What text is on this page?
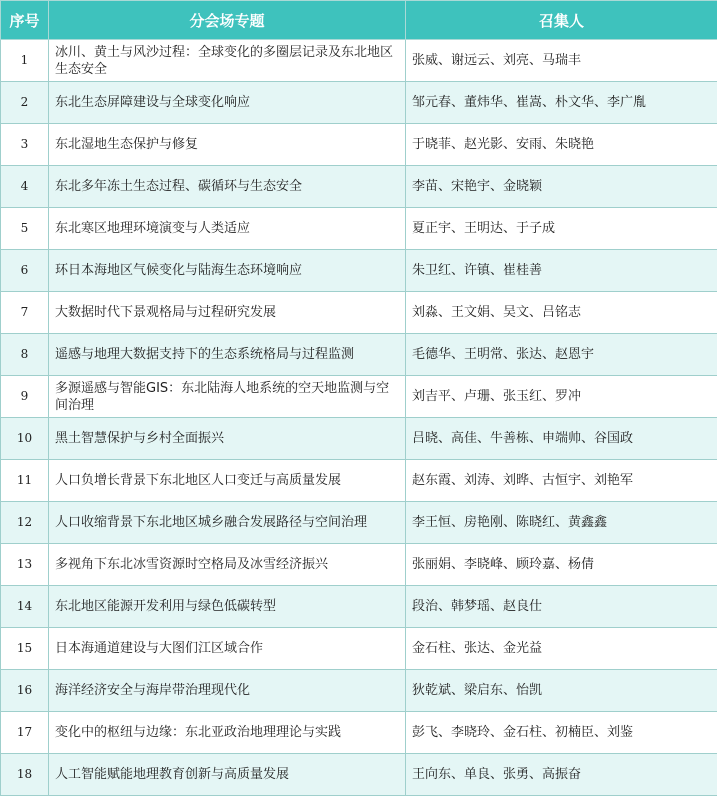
序号	分会场专题	召集人
1	冰川、黄土与风沙过程：全球变化的多圈层记录及东北地区生态安全	张威、谢远云、刘亮、马瑞丰
2	东北生态屏障建设与全球变化响应	邹元春、董炜华、崔嵩、朴文华、李广胤
3	东北湿地生态保护与修复	于晓菲、赵光影、安雨、朱晓艳
4	东北多年冻土生态过程、碳循环与生态安全	李苗、宋艳宇、金晓颖
5	东北寒区地理环境演变与人类适应	夏正宇、王明达、于子成
6	环日本海地区气候变化与陆海生态环境响应	朱卫红、许镇、崔桂善
7	大数据时代下景观格局与过程研究发展	刘淼、王文娟、吴文、吕铭志
8	遥感与地理大数据支持下的生态系统格局与过程监测	毛德华、王明常、张达、赵恩宇
9	多源遥感与智能GIS：东北陆海人地系统的空天地监测与空间治理	刘吉平、卢珊、张玉红、罗冲
10	黑土智慧保护与乡村全面振兴	吕晓、高佳、牛善栋、申端帅、谷国政
11	人口负增长背景下东北地区人口变迁与高质量发展	赵东霞、刘涛、刘晔、古恒宇、刘艳军
12	人口收缩背景下东北地区城乡融合发展路径与空间治理	李王恒、房艳刚、陈晓红、黄鑫鑫
13	多视角下东北冰雪资源时空格局及冰雪经济振兴	张丽娟、李晓峰、顾玲嘉、杨倩
14	东北地区能源开发利用与绿色低碳转型	段治、韩梦瑶、赵良仕
15	日本海通道建设与大图们江区域合作	金石柱、张达、金光益
16	海洋经济安全与海岸带治理现代化	狄乾斌、梁启东、怡凯
17	变化中的枢纽与边缘：东北亚政治地理理论与实践	彭飞、李晓玲、金石柱、初楠臣、刘鉴
18	人工智能赋能地理教育创新与高质量发展	王向东、单良、张勇、高振奋
